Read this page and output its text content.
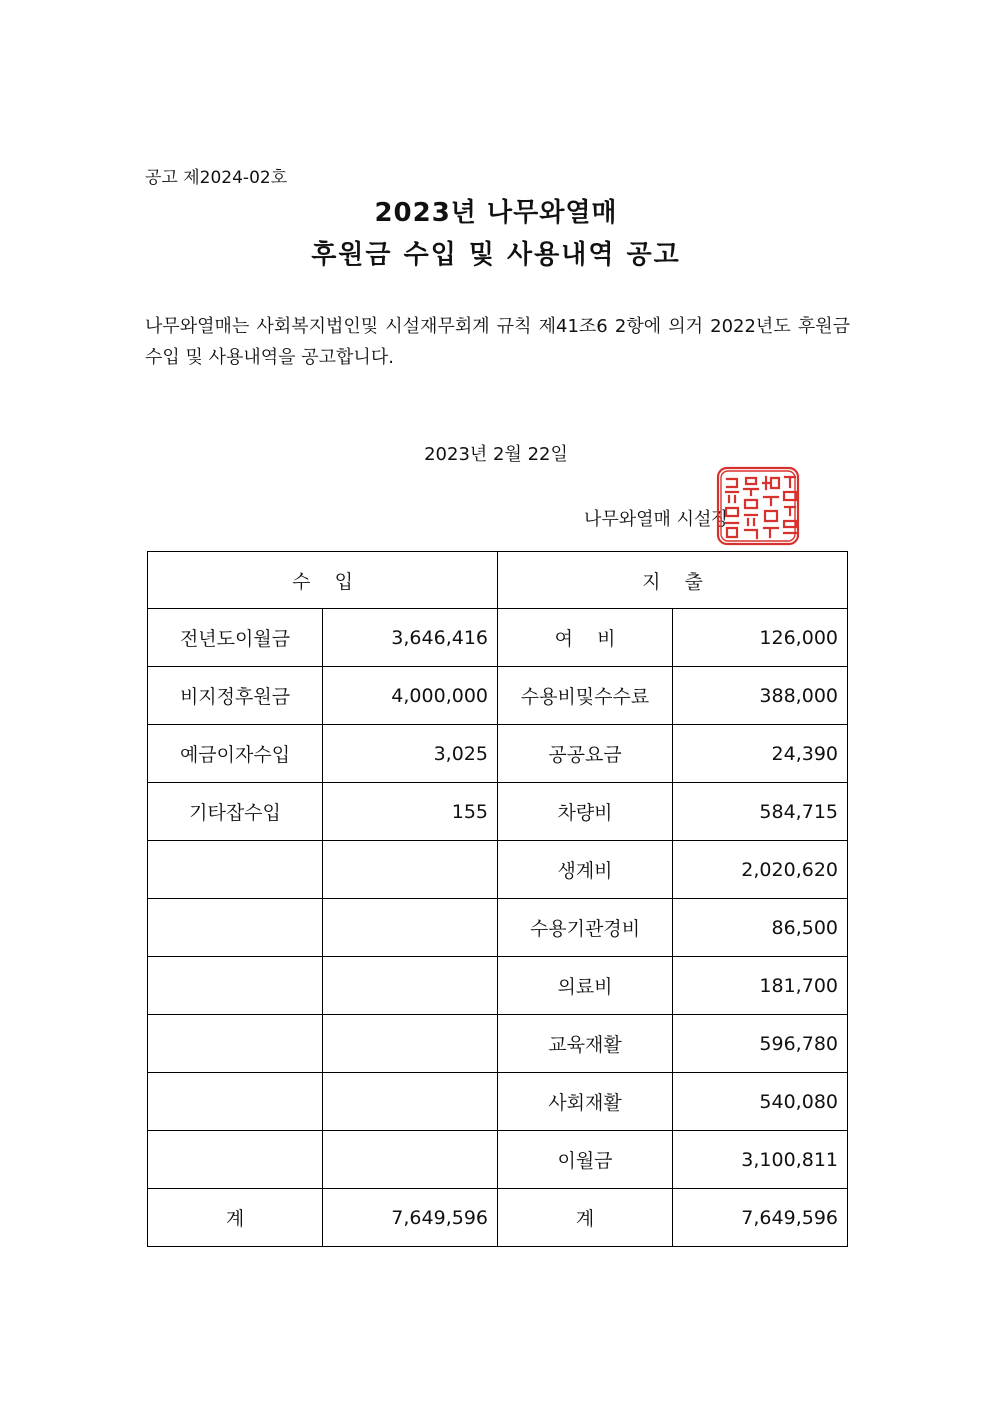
공고 제2024-02호
2023년 나무와열매
후원금 수입 및 사용내역 공고
나무와열매는 사회복지법인및 시설재무회계 규칙 제41조6 2항에 의거 2022년도 후원금 수입 및 사용내역을 공고합니다.
2023년 2월 22일
나무와열매 시설장
수    입		지    출	
전년도이월금	3,646,416	여    비	126,000
비지정후원금	4,000,000	수용비및수수료	388,000
예금이자수입	3,025	공공요금	24,390
기타잡수입	155	차량비	584,715
		생계비	2,020,620
		수용기관경비	86,500
		의료비	181,700
		교육재활	596,780
		사회재활	540,080
		이월금	3,100,811
계	7,649,596	계	7,649,596
